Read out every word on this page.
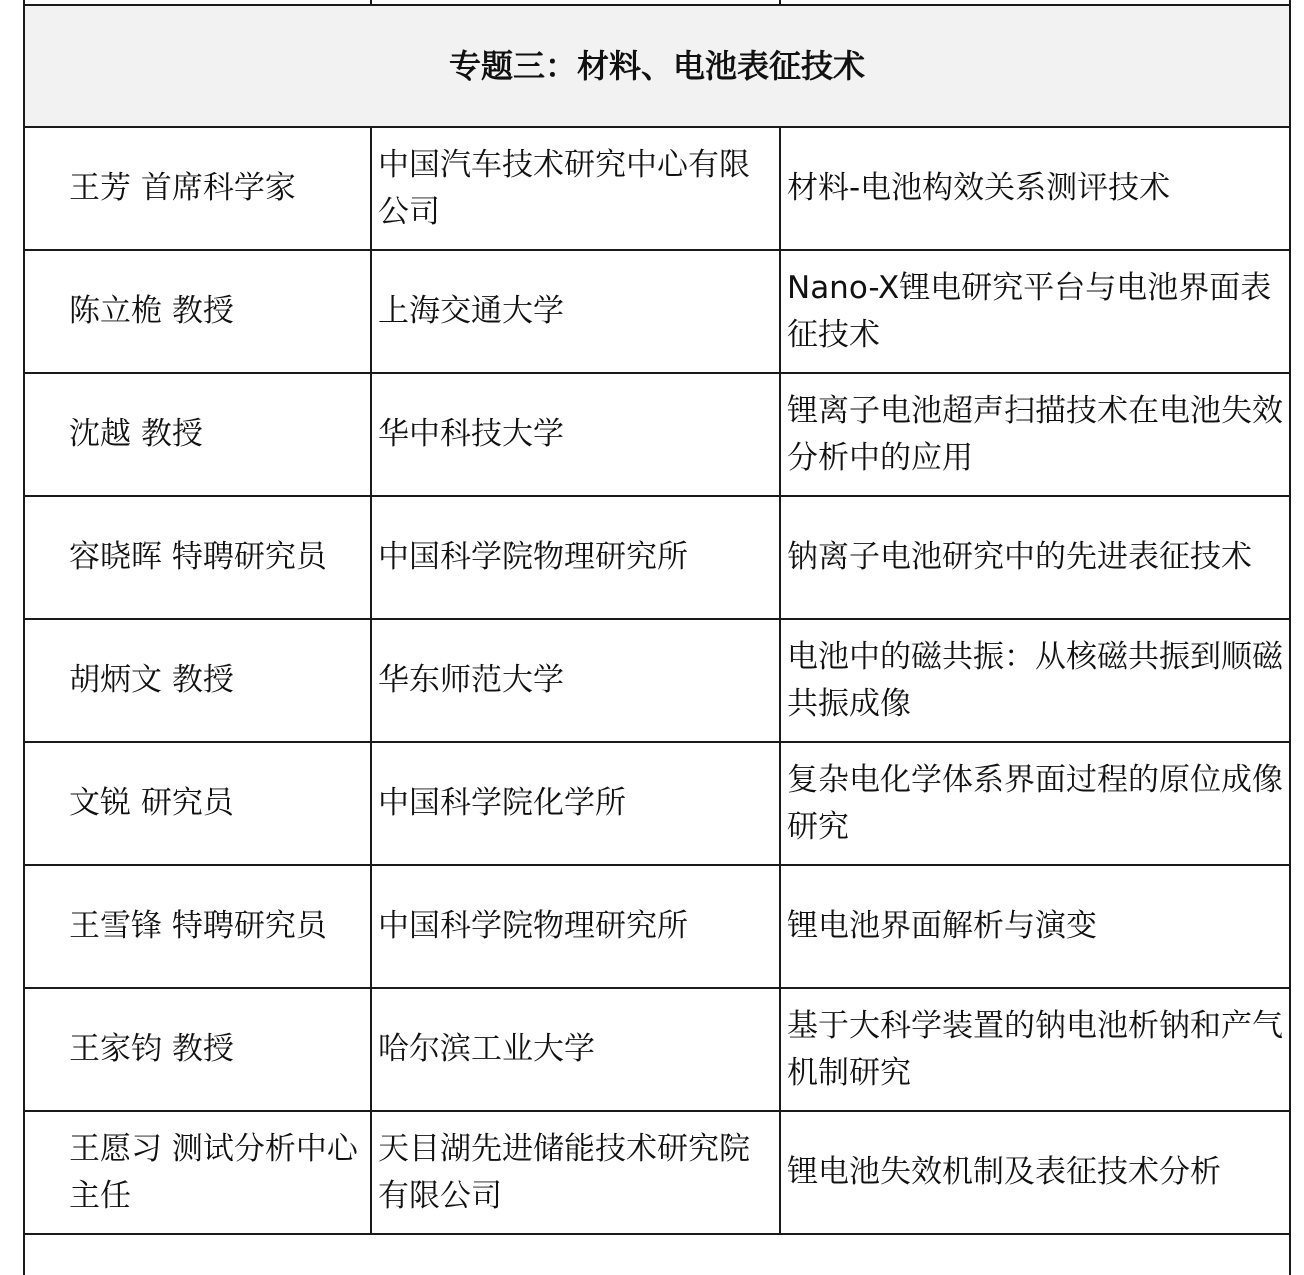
专题三：材料、电池表征技术		
王芳 首席科学家	中国汽车技术研究中心有限公司	材料-电池构效关系测评技术
陈立桅 教授	上海交通大学	Nano-X锂电研究平台与电池界面表征技术
沈越 教授	华中科技大学	锂离子电池超声扫描技术在电池失效分析中的应用
容晓晖 特聘研究员	中国科学院物理研究所	钠离子电池研究中的先进表征技术
胡炳文 教授	华东师范大学	电池中的磁共振：从核磁共振到顺磁共振成像
文锐 研究员	中国科学院化学所	复杂电化学体系界面过程的原位成像研究
王雪锋 特聘研究员	中国科学院物理研究所	锂电池界面解析与演变
王家钧 教授	哈尔滨工业大学	基于大科学装置的钠电池析钠和产气机制研究
王愿习 测试分析中心主任	天目湖先进储能技术研究院有限公司	锂电池失效机制及表征技术分析
